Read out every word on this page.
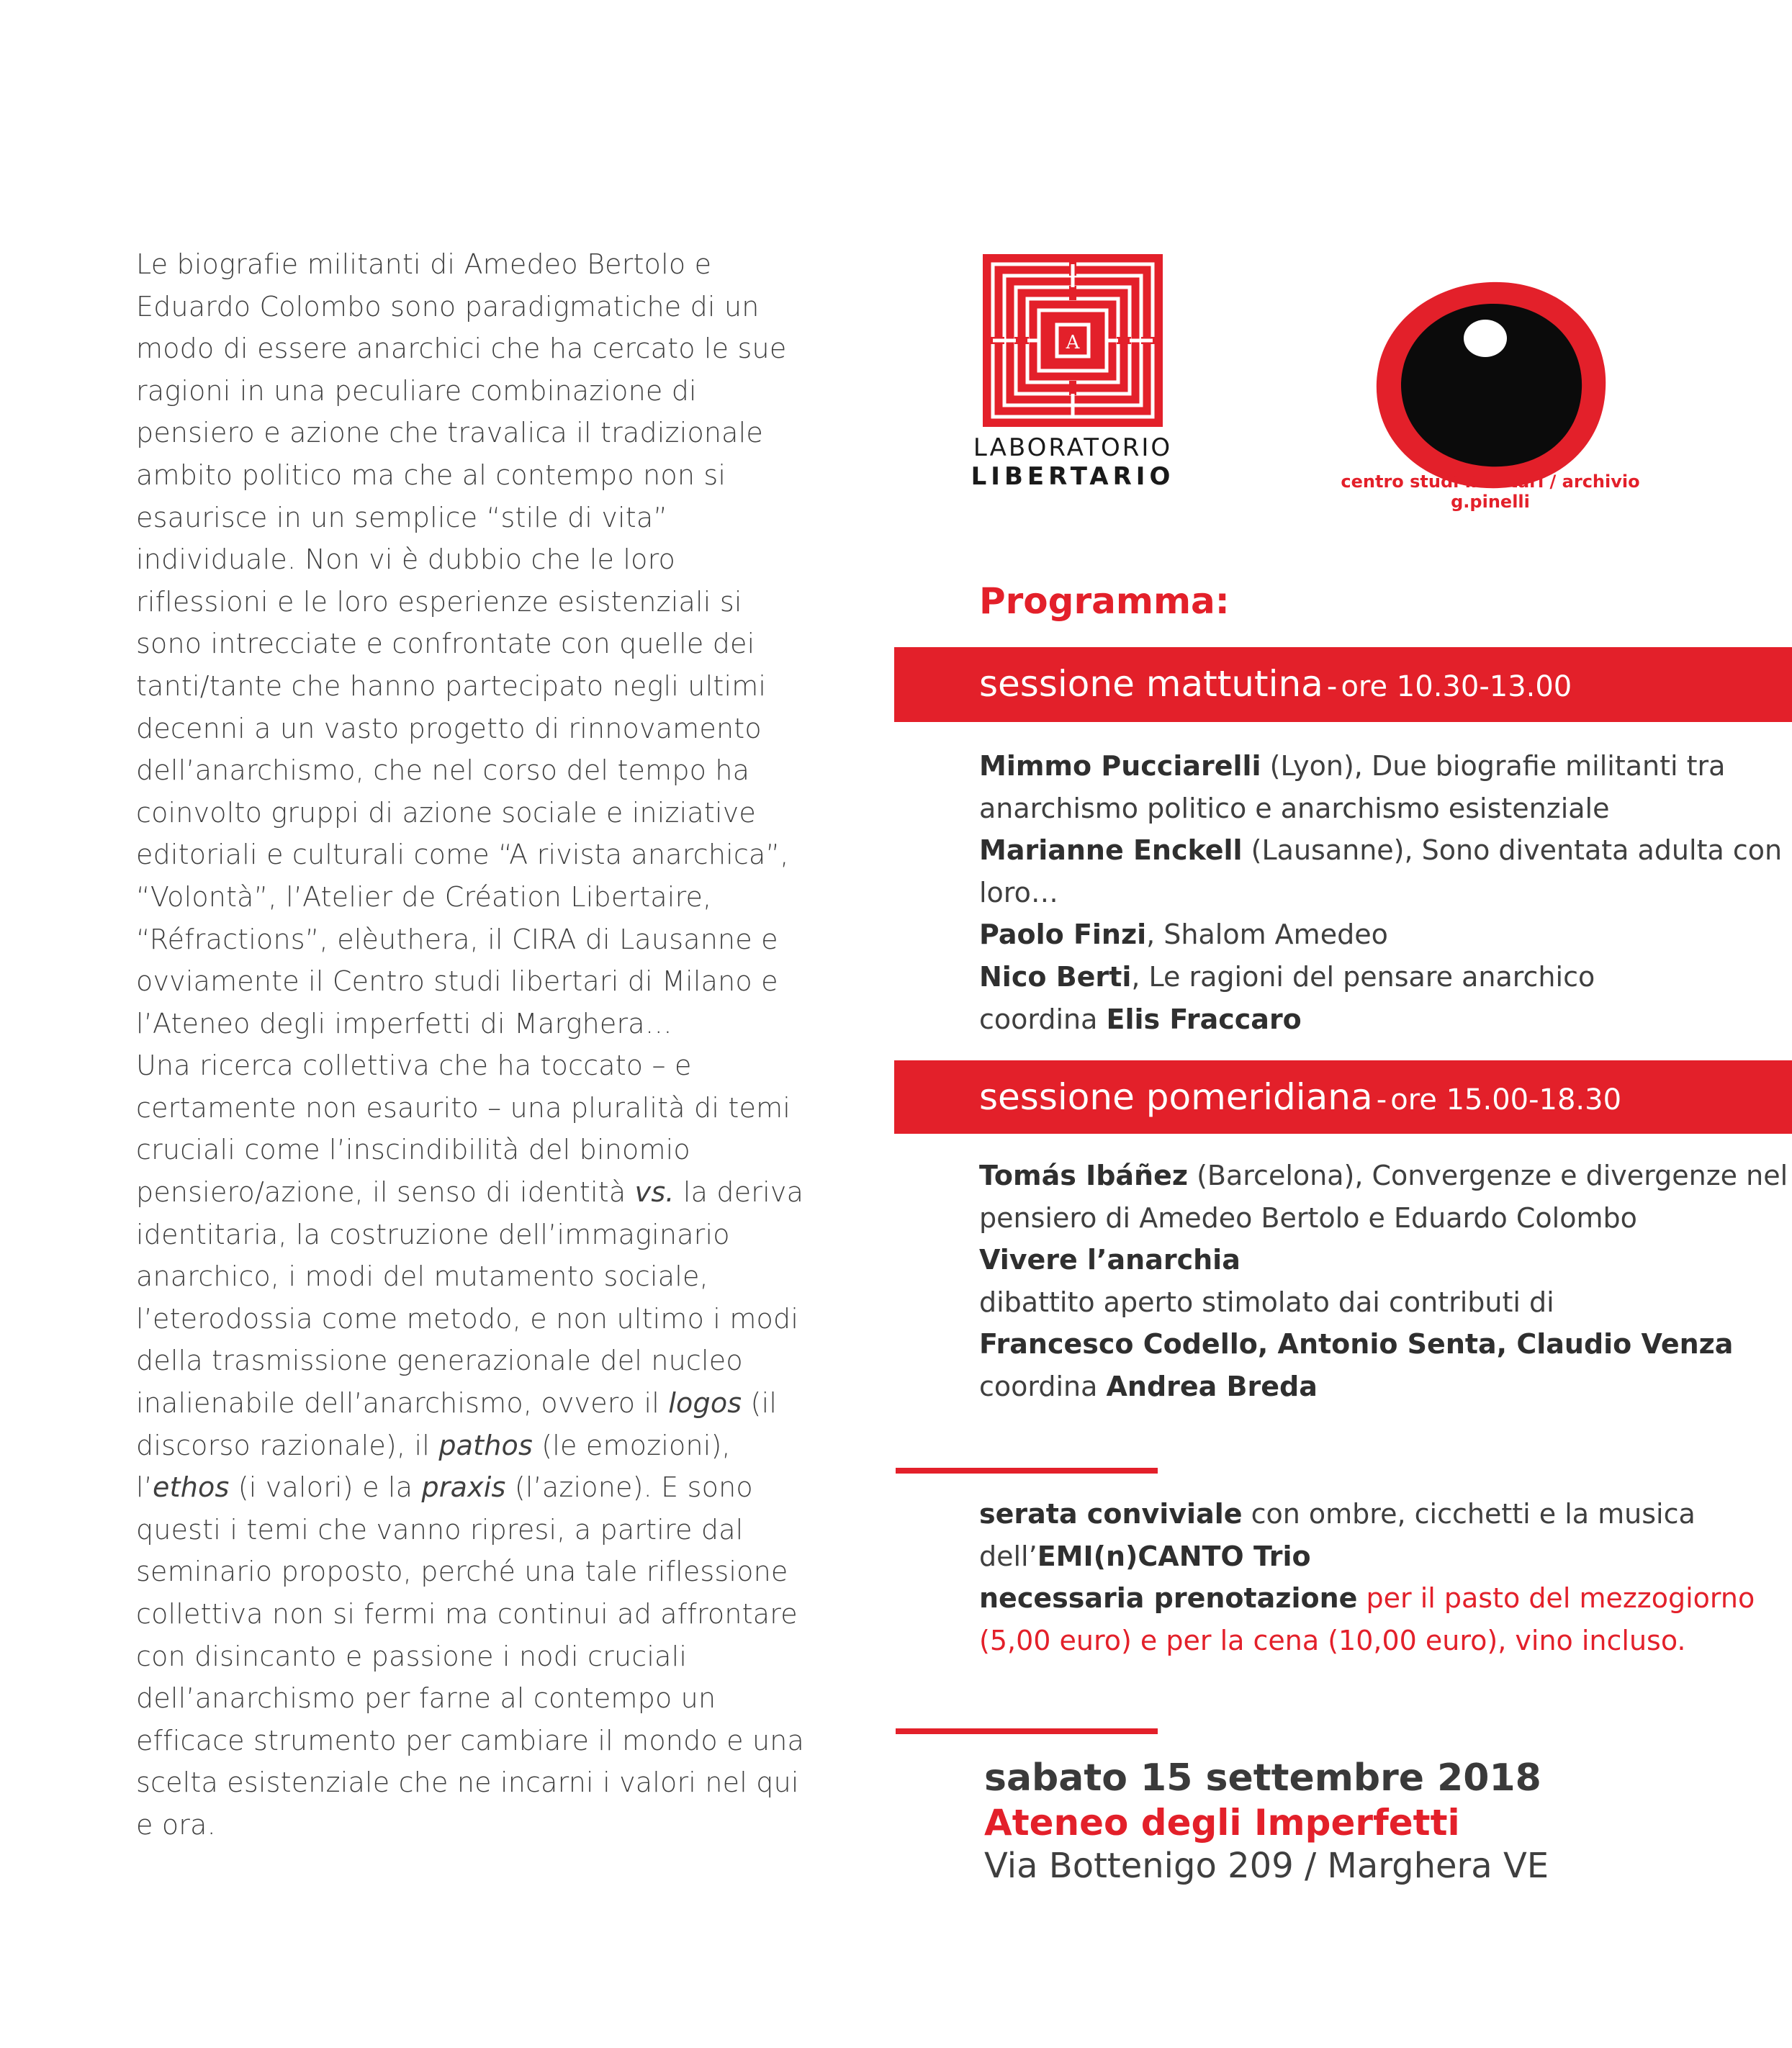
Le biografie militanti di Amedeo Bertolo e Eduardo Colombo sono paradigmatiche di un modo di essere anarchici che ha cercato le sue ragioni in una peculiare combinazione di pensiero e azione che travalica il tradizionale ambito politico ma che al contempo non si esaurisce in un semplice “stile di vita” individuale. Non vi è dubbio che le loro riflessioni e le loro esperienze esistenziali si sono intrecciate e confrontate con quelle dei tanti/tante che hanno partecipato negli ultimi decenni a un vasto progetto di rinnovamento dell’anarchismo, che nel corso del tempo ha coinvolto gruppi di azione sociale e iniziative editoriali e culturali come “A rivista anarchica”, “Volontà”, l’Atelier de Création Libertaire, “Réfractions”, elèuthera, il CIRA di Lausanne e ovviamente il Centro studi libertari di Milano e l’Ateneo degli imperfetti di Marghera…

Una ricerca collettiva che ha toccato – e certamente non esaurito – una pluralità di temi cruciali come l’inscindibilità del binomio pensiero/azione, il senso di identità vs. la deriva identitaria, la costruzione dell’immaginario anarchico, i modi del mutamento sociale, l’eterodossia come metodo, e non ultimo i modi della trasmissione generazionale del nucleo inalienabile dell’anarchismo, ovvero il logos (il discorso razionale), il pathos (le emozioni), l’ethos (i valori) e la praxis (l’azione). E sono questi i temi che vanno ripresi, a partire dal seminario proposto, perché una tale riflessione collettiva non si fermi ma continui ad affrontare con disincanto e passione i nodi cruciali dell’anarchismo per farne al contempo un efficace strumento per cambiare il mondo e una scelta esistenziale che ne incarni i valori nel qui e ora.

A
LABORATORIO
LIBERTARIO	centro studi libertari / archivio g.pinelli
Programma:
sessione mattutina - ore 10.30-13.00

Mimmo Pucciarelli (Lyon), Due biografie militanti tra anarchismo politico e anarchismo esistenziale

Marianne Enckell (Lausanne), Sono diventata adulta con loro…

Paolo Finzi, Shalom Amedeo

Nico Berti, Le ragioni del pensare anarchico

coordina Elis Fraccaro

sessione pomeridiana - ore 15.00-18.30

Tomás Ibáñez (Barcelona), Convergenze e divergenze nel pensiero di Amedeo Bertolo e Eduardo Colombo

Vivere l’anarchia

dibattito aperto stimolato dai contributi di

Francesco Codello, Antonio Senta, Claudio Venza

coordina Andrea Breda

serata conviviale con ombre, cicchetti e la musica dell’EMI(n)CANTO Trio

necessaria prenotazione per il pasto del mezzogiorno (5,00 euro) e per la cena (10,00 euro), vino incluso.

sabato 15 settembre 2018
Ateneo degli Imperfetti
Via Bottenigo 209 / Marghera VE
